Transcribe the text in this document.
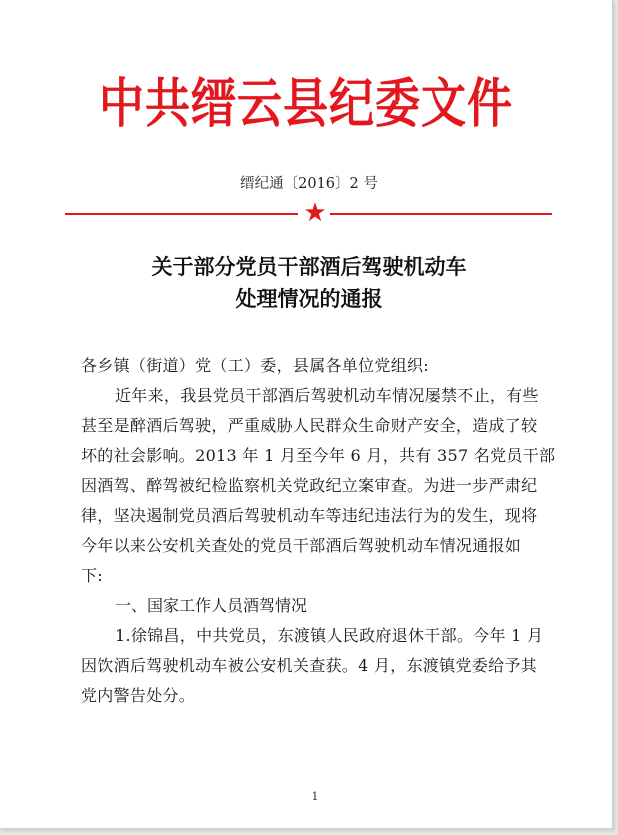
中共缙云县纪委文件
缙纪通〔2016〕2 号
★
关于部分党员干部酒后驾驶机动车
处理情况的通报
各乡镇（街道）党（工）委，县属各单位党组织:
近年来，我县党员干部酒后驾驶机动车情况屡禁不止，有些
甚至是醉酒后驾驶，严重威胁人民群众生命财产安全，造成了较
坏的社会影响。2013 年 1 月至今年 6 月，共有 357 名党员干部
因酒驾、醉驾被纪检监察机关党政纪立案审查。为进一步严肃纪
律，坚决遏制党员酒后驾驶机动车等违纪违法行为的发生，现将
今年以来公安机关查处的党员干部酒后驾驶机动车情况通报如
下:
一、国家工作人员酒驾情况
1.徐锦昌，中共党员，东渡镇人民政府退休干部。今年 1 月
因饮酒后驾驶机动车被公安机关查获。4 月，东渡镇党委给予其
党内警告处分。
1
